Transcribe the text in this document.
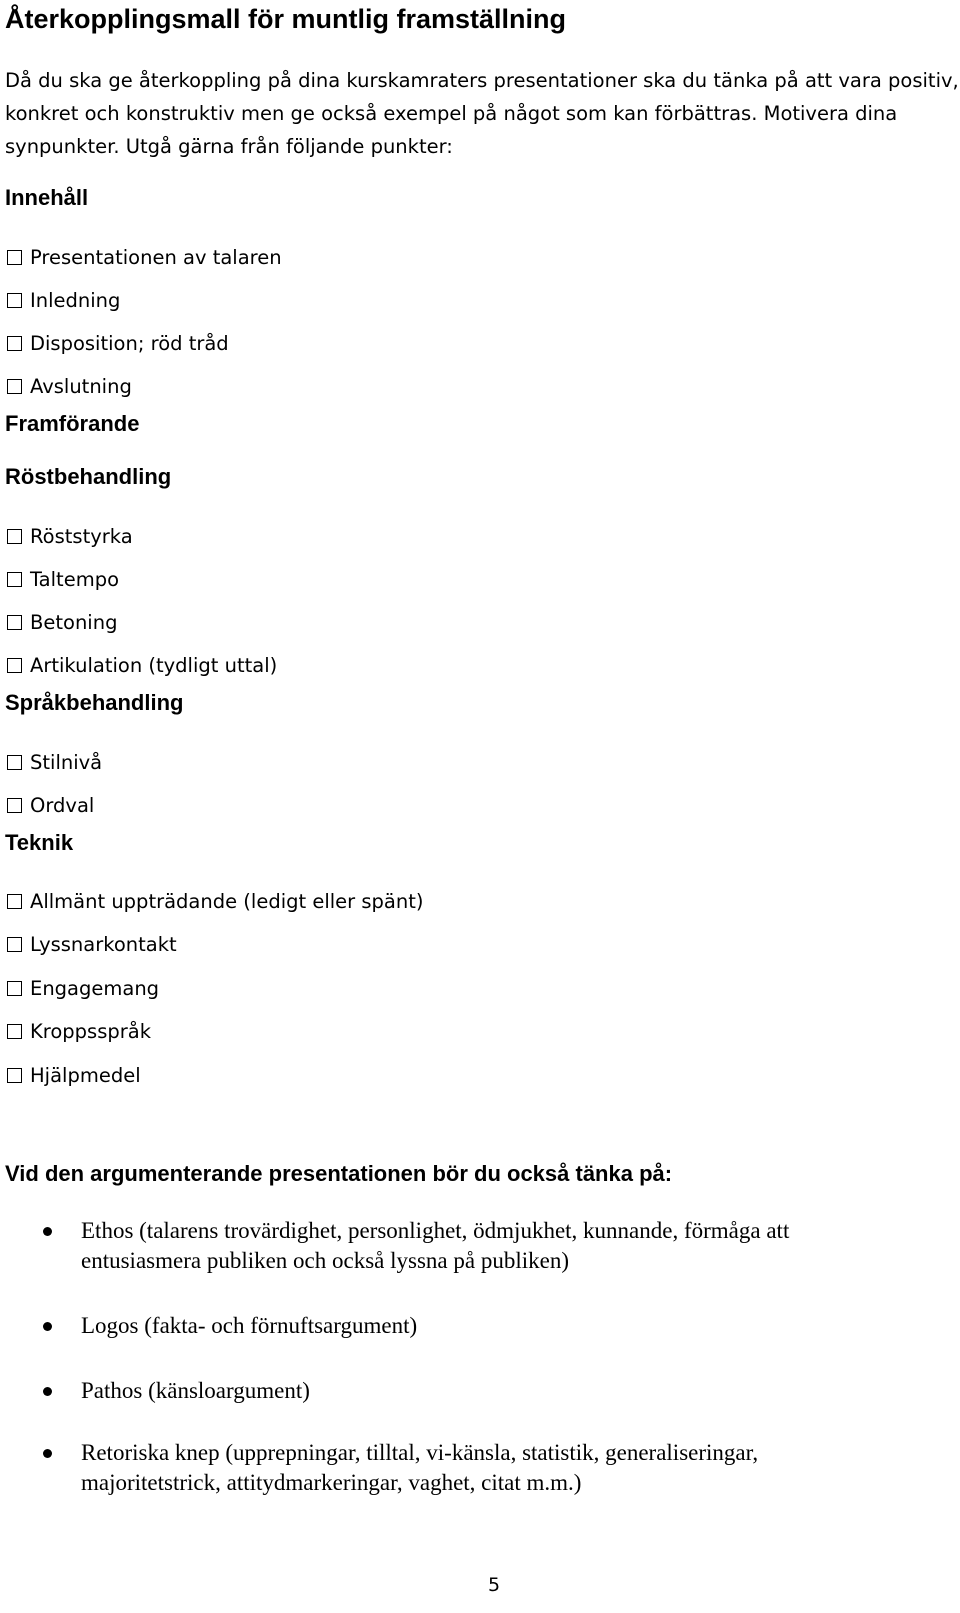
Återkopplingsmall för muntlig framställning
Då du ska ge återkoppling på dina kurskamraters presentationer ska du tänka på att vara positiv,
konkret och konstruktiv men ge också exempel på något som kan förbättras. Motivera dina
synpunkter. Utgå gärna från följande punkter:
Innehåll
Presentationen av talaren
Inledning
Disposition; röd tråd
Avslutning
Framförande
Röstbehandling
Röststyrka
Taltempo
Betoning
Artikulation (tydligt uttal)
Språkbehandling
Stilnivå
Ordval
Teknik
Allmänt uppträdande (ledigt eller spänt)
Lyssnarkontakt
Engagemang
Kroppsspråk
Hjälpmedel
Vid den argumenterande presentationen bör du också tänka på:
Ethos (talarens trovärdighet, personlighet, ödmjukhet, kunnande, förmåga att
entusiasmera publiken och också lyssna på publiken)
Logos (fakta- och förnuftsargument)
Pathos (känsloargument)
Retoriska knep (upprepningar, tilltal, vi-känsla, statistik, generaliseringar,
majoritetstrick, attitydmarkeringar, vaghet, citat m.m.)
5
